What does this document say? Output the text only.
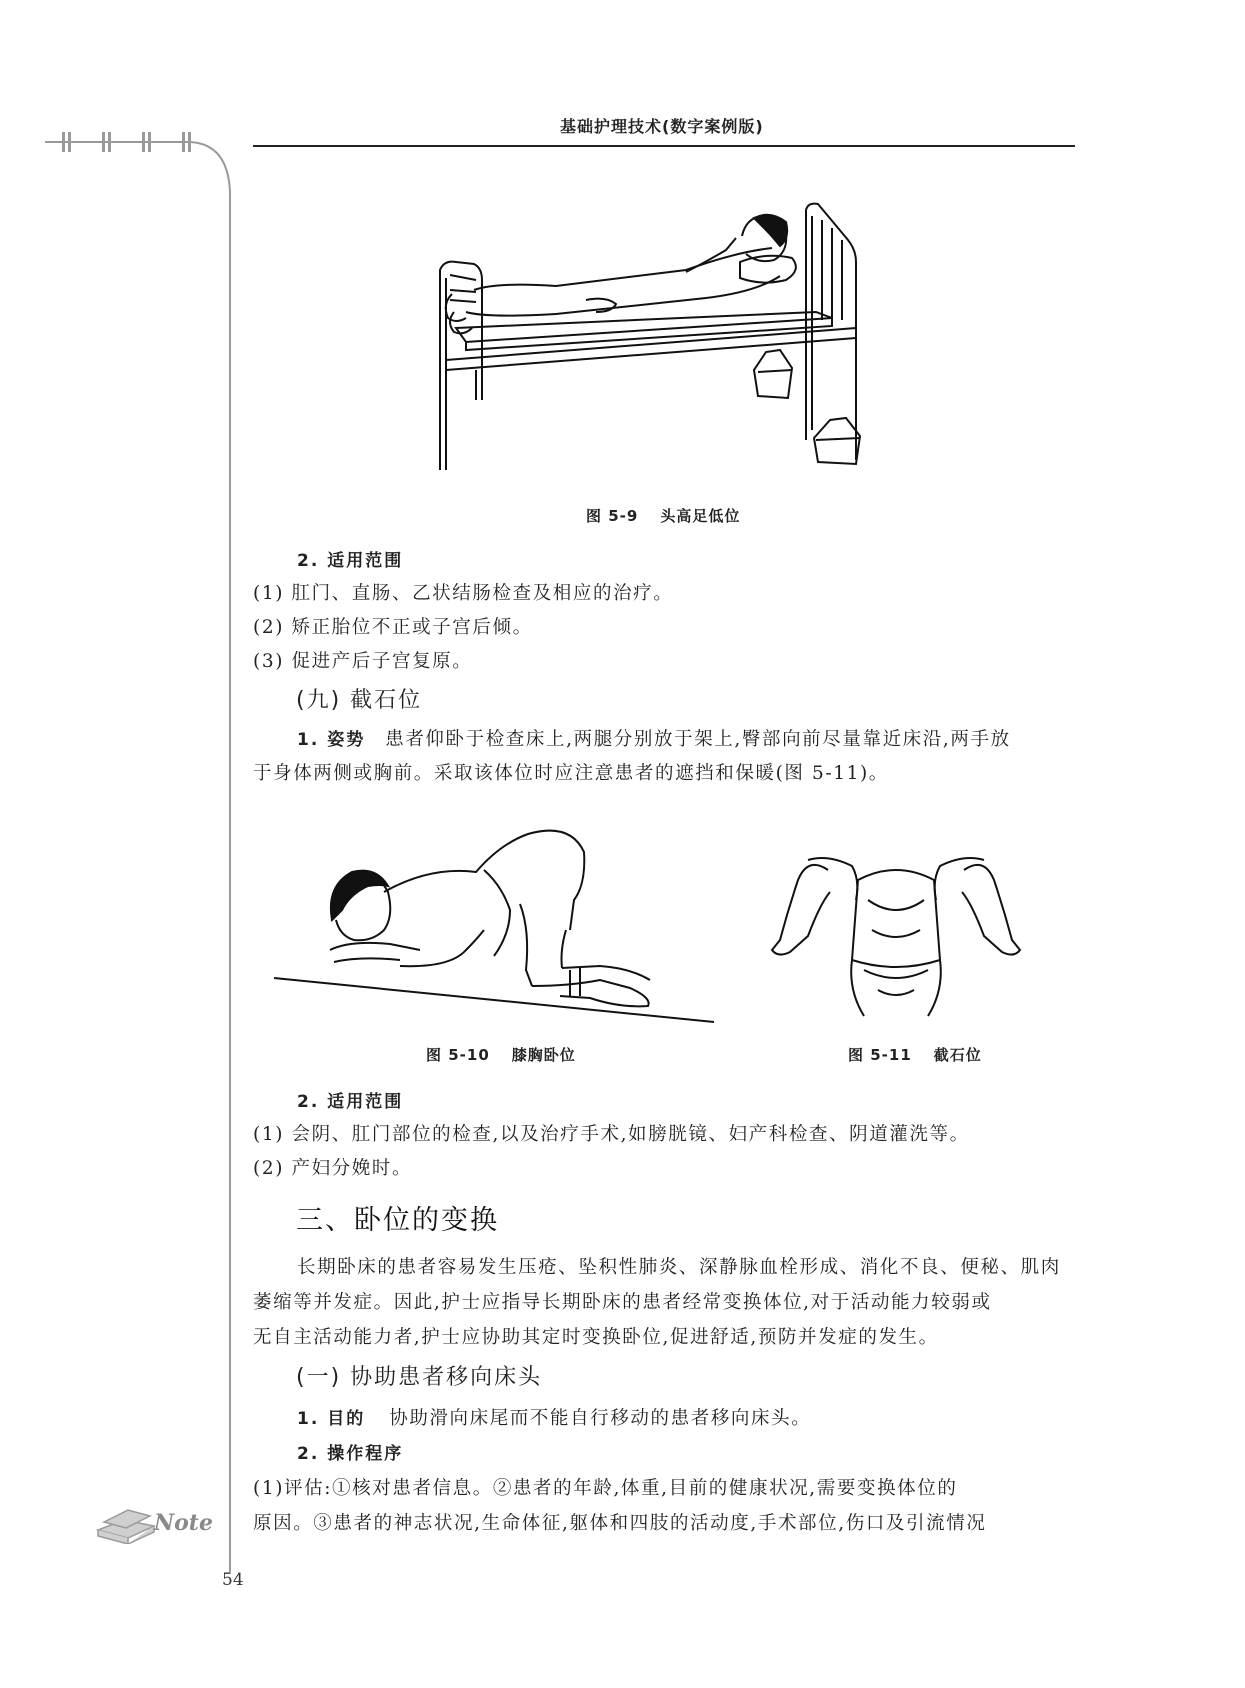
基础护理技术(数字案例版)
图 5-9 头高足低位
2. 适用范围
(1) 肛门、直肠、乙状结肠检查及相应的治疗。
(2) 矫正胎位不正或子宫后倾。
(3) 促进产后子宫复原。
(九) 截石位
1. 姿势 患者仰卧于检查床上,两腿分别放于架上,臀部向前尽量靠近床沿,两手放
于身体两侧或胸前。采取该体位时应注意患者的遮挡和保暖(图 5-11)。
图 5-10 膝胸卧位	图 5-11 截石位
2. 适用范围
(1) 会阴、肛门部位的检查,以及治疗手术,如膀胱镜、妇产科检查、阴道灌洗等。
(2) 产妇分娩时。
三、卧位的变换
长期卧床的患者容易发生压疮、坠积性肺炎、深静脉血栓形成、消化不良、便秘、肌肉
萎缩等并发症。因此,护士应指导长期卧床的患者经常变换体位,对于活动能力较弱或
无自主活动能力者,护士应协助其定时变换卧位,促进舒适,预防并发症的发生。
(一) 协助患者移向床头
1. 目的 协助滑向床尾而不能自行移动的患者移向床头。
2. 操作程序
(1)评估:①核对患者信息。②患者的年龄,体重,目前的健康状况,需要变换体位的
原因。③患者的神志状况,生命体征,躯体和四肢的活动度,手术部位,伤口及引流情况
Note
54
